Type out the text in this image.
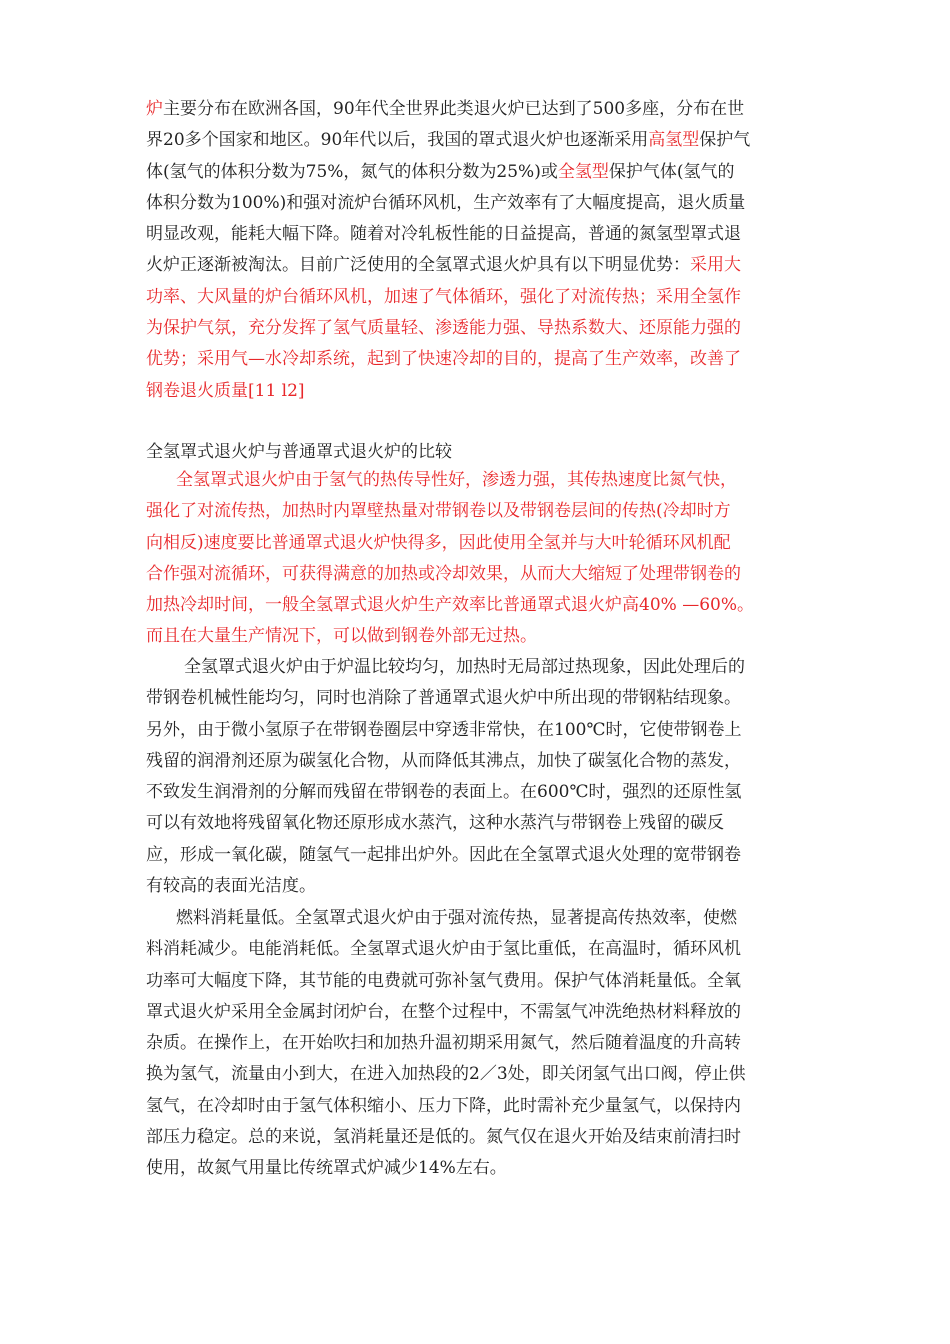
炉主要分布在欧洲各国，90年代全世界此类退火炉已达到了500多座，分布在世
界20多个国家和地区。90年代以后，我国的罩式退火炉也逐渐采用高氢型保护气
体(氢气的体积分数为75%，氮气的体积分数为25%)或全氢型保护气体(氢气的
体积分数为100%)和强对流炉台循环风机，生产效率有了大幅度提高，退火质量
明显改观，能耗大幅下降。随着对冷轧板性能的日益提高，普通的氮氢型罩式退
火炉正逐渐被淘汰。目前广泛使用的全氢罩式退火炉具有以下明显优势：采用大
功率、大风量的炉台循环风机，加速了气体循环，强化了对流传热；采用全氢作
为保护气氛，充分发挥了氢气质量轻、渗透能力强、导热系数大、还原能力强的
优势；采用气—水冷却系统，起到了快速冷却的目的，提高了生产效率，改善了
钢卷退火质量[11 l2]
全氢罩式退火炉与普通罩式退火炉的比较
全氢罩式退火炉由于氢气的热传导性好，渗透力强，其传热速度比氮气快，
强化了对流传热，加热时内罩壁热量对带钢卷以及带钢卷层间的传热(冷却时方
向相反)速度要比普通罩式退火炉快得多，因此使用全氢并与大叶轮循环风机配
合作强对流循环，可获得满意的加热或冷却效果，从而大大缩短了处理带钢卷的
加热冷却时间，一般全氢罩式退火炉生产效率比普通罩式退火炉高40% —60%。
而且在大量生产情况下，可以做到钢卷外部无过热。
全氢罩式退火炉由于炉温比较均匀，加热时无局部过热现象，因此处理后的
带钢卷机械性能均匀，同时也消除了普通罩式退火炉中所出现的带钢粘结现象。
另外，由于微小氢原子在带钢卷圈层中穿透非常快，在100℃时，它使带钢卷上
残留的润滑剂还原为碳氢化合物，从而降低其沸点，加快了碳氢化合物的蒸发，
不致发生润滑剂的分解而残留在带钢卷的表面上。在600℃时，强烈的还原性氢
可以有效地将残留氧化物还原形成水蒸汽，这种水蒸汽与带钢卷上残留的碳反
应，形成一氧化碳，随氢气一起排出炉外。因此在全氢罩式退火处理的宽带钢卷
有较高的表面光洁度。
燃料消耗量低。全氢罩式退火炉由于强对流传热，显著提高传热效率，使燃
料消耗减少。电能消耗低。全氢罩式退火炉由于氢比重低，在高温时，循环风机
功率可大幅度下降，其节能的电费就可弥补氢气费用。保护气体消耗量低。全氧
罩式退火炉采用全金属封闭炉台，在整个过程中，不需氢气冲洗绝热材料释放的
杂质。在操作上，在开始吹扫和加热升温初期采用氮气，然后随着温度的升高转
换为氢气，流量由小到大，在进入加热段的2／3处，即关闭氢气出口阀，停止供
氢气，在冷却时由于氢气体积缩小、压力下降，此时需补充少量氢气，以保持内
部压力稳定。总的来说，氢消耗量还是低的。氮气仅在退火开始及结束前清扫时
使用，故氮气用量比传统罩式炉减少14%左右。
